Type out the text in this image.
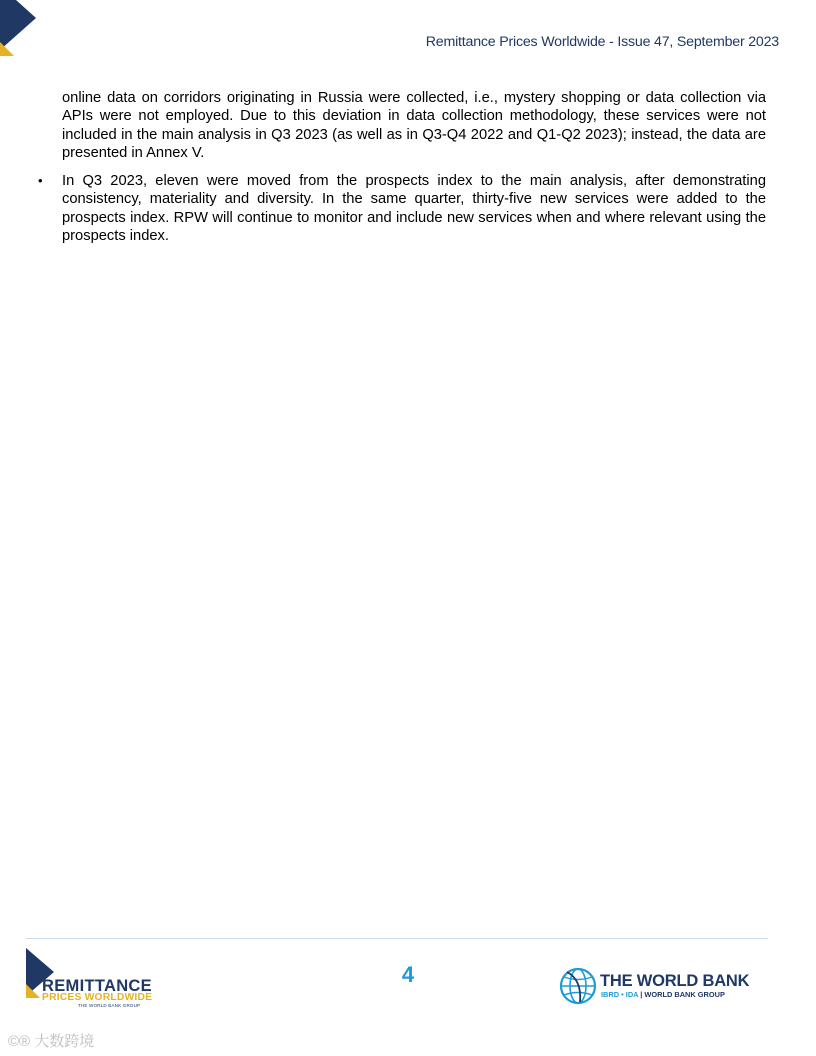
Remittance Prices Worldwide - Issue 47, September 2023

online data on corridors originating in Russia were collected, i.e., mystery shopping or data collection via APIs were not employed. Due to this deviation in data collection methodology, these services were not included in the main analysis in Q3 2023 (as well as in Q3-Q4 2022 and Q1-Q2 2023); instead, the data are presented in Annex V.

• In Q3 2023, eleven were moved from the prospects index to the main analysis, after demonstrating consistency, materiality and diversity. In the same quarter, thirty-five new services were added to the prospects index. RPW will continue to monitor and include new services when and where relevant using the prospects index.
REMITTANCE
PRICES WORLDWIDE
THE WORLD BANK GROUP
4	THE WORLD BANK
IBRD • IDA | WORLD BANK GROUP
©® 大数跨境
